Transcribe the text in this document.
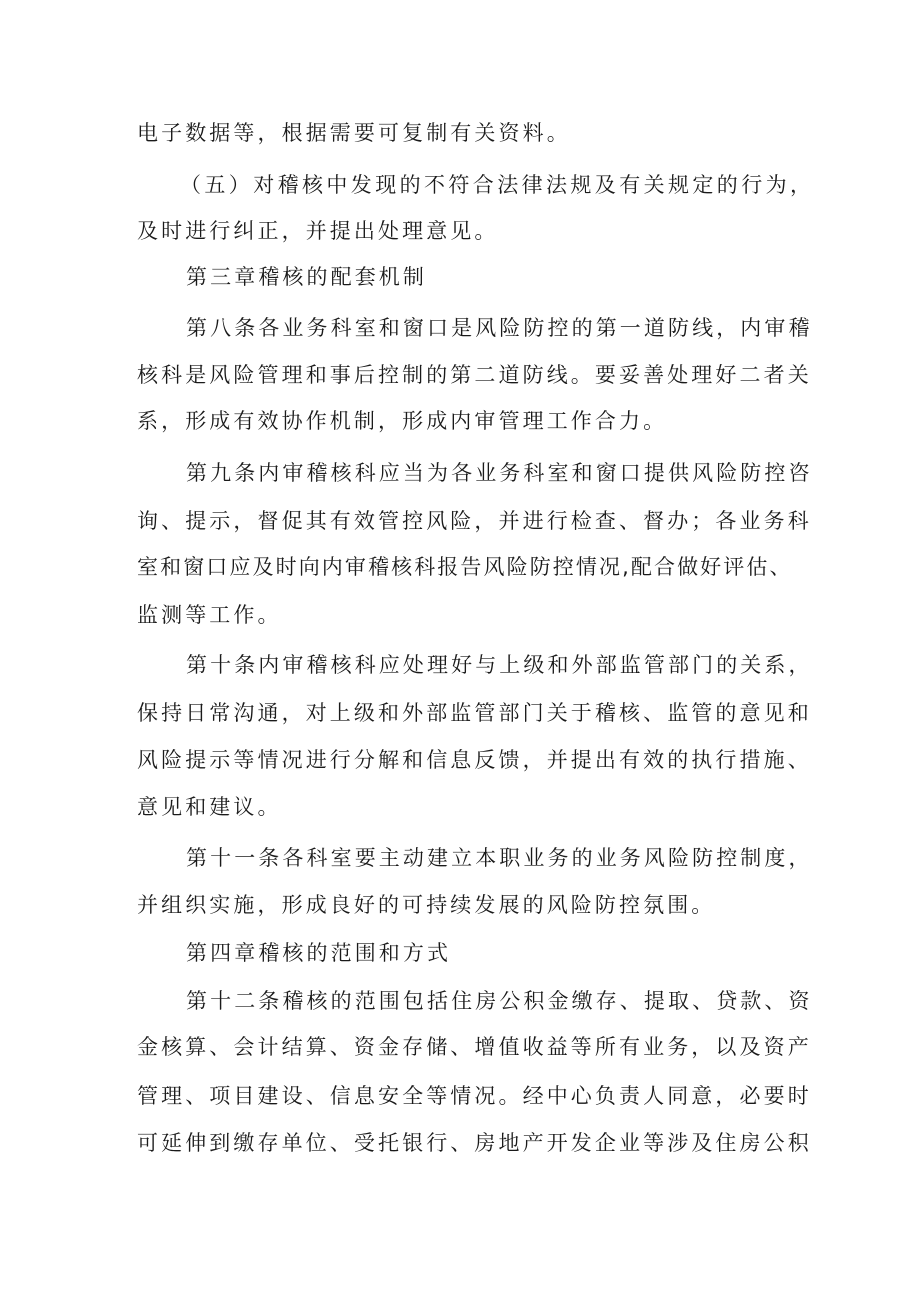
电子数据等，根据需要可复制有关资料。
（五）对稽核中发现的不符合法律法规及有关规定的行为，
及时进行纠正，并提出处理意见。
第三章稽核的配套机制
第八条各业务科室和窗口是风险防控的第一道防线，内审稽
核科是风险管理和事后控制的第二道防线。要妥善处理好二者关
系，形成有效协作机制，形成内审管理工作合力。
第九条内审稽核科应当为各业务科室和窗口提供风险防控咨
询、提示，督促其有效管控风险，并进行检查、督办；各业务科
室和窗口应及时向内审稽核科报告风险防控情况,配合做好评估、
监测等工作。
第十条内审稽核科应处理好与上级和外部监管部门的关系，
保持日常沟通，对上级和外部监管部门关于稽核、监管的意见和
风险提示等情况进行分解和信息反馈，并提出有效的执行措施、
意见和建议。
第十一条各科室要主动建立本职业务的业务风险防控制度，
并组织实施，形成良好的可持续发展的风险防控氛围。
第四章稽核的范围和方式
第十二条稽核的范围包括住房公积金缴存、提取、贷款、资
金核算、会计结算、资金存储、增值收益等所有业务，以及资产
管理、项目建设、信息安全等情况。经中心负责人同意，必要时
可延伸到缴存单位、受托银行、房地产开发企业等涉及住房公积
